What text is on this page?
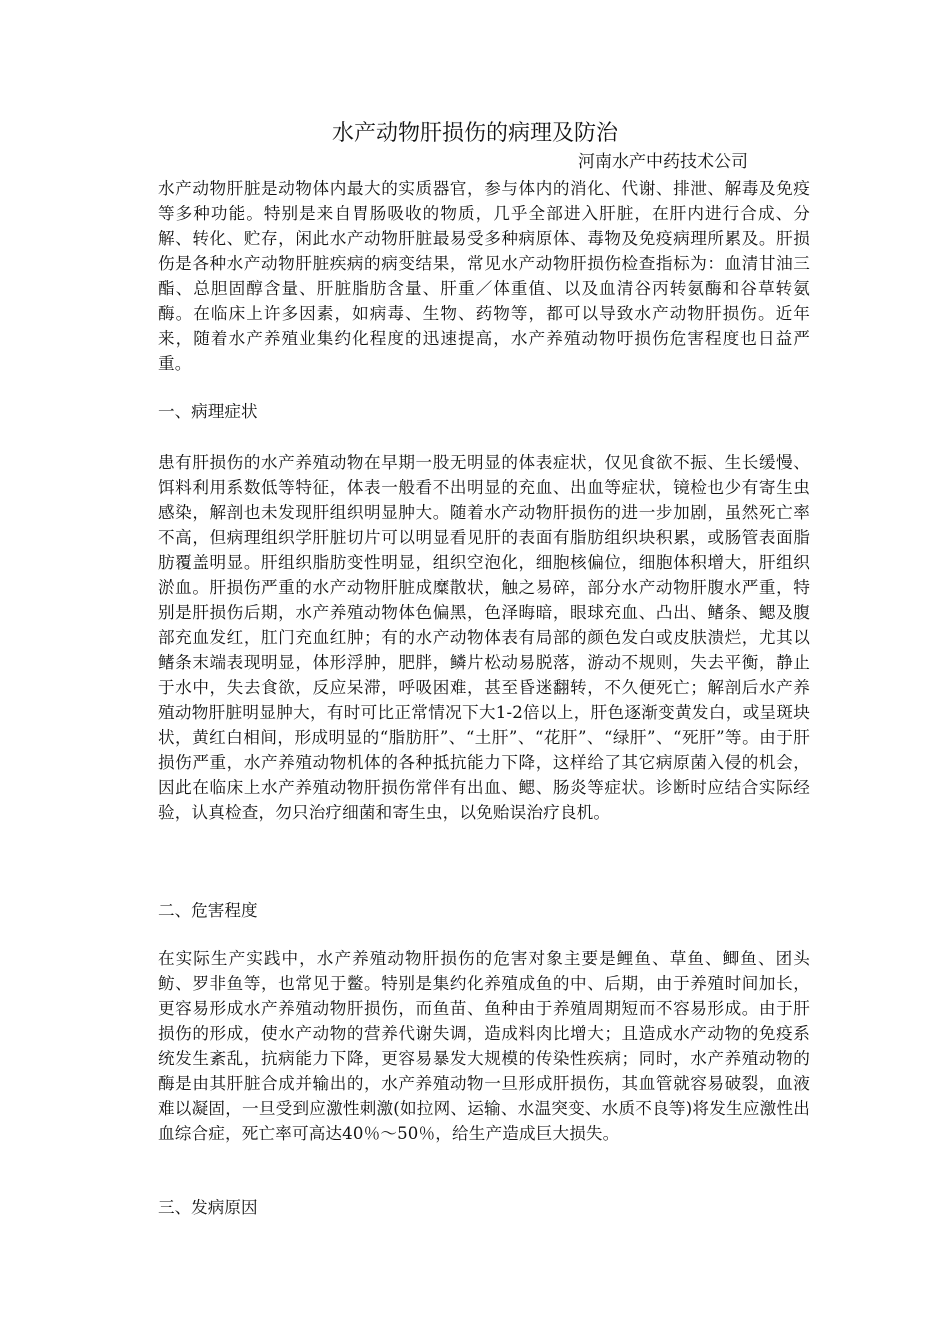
水产动物肝损伤的病理及防治

河南水产中药技术公司

水产动物肝脏是动物体内最大的实质器官，参与体内的消化、代谢、排泄、解毒及免疫等多种功能。特别是来自胃肠吸收的物质，几乎全部进入肝脏，在肝内进行合成、分解、转化、贮存，闲此水产动物肝脏最易受多种病原体、毒物及免疫病理所累及。肝损伤是各种水产动物肝脏疾病的病变结果，常见水产动物肝损伤检查指标为：血清甘油三酯、总胆固醇含量、肝脏脂肪含量、肝重／体重值、以及血清谷丙转氨酶和谷草转氨酶。在临床上许多因素，如病毒、生物、药物等，都可以导致水产动物肝损伤。近年来，随着水产养殖业集约化程度的迅速提高，水产养殖动物吁损伤危害程度也日益严重。

一、病理症状

患有肝损伤的水产养殖动物在早期一股无明显的体表症状，仅见食欲不振、生长缓慢、饵料利用系数低等特征，体表一般看不出明显的充血、出血等症状，镜检也少有寄生虫感染，解剖也未发现肝组织明显肿大。随着水产动物肝损伤的进一步加剧，虽然死亡率不高，但病理组织学肝脏切片可以明显看见肝的表面有脂肪组织块积累，或肠管表面脂肪覆盖明显。肝组织脂肪变性明显，组织空泡化，细胞核偏位，细胞体积增大，肝组织淤血。肝损伤严重的水产动物肝脏成糜散状，触之易碎，部分水产动物肝腹水严重，特别是肝损伤后期，水产养殖动物体色偏黑，色泽晦暗，眼球充血、凸出、鳍条、鳃及腹部充血发红，肛门充血红肿；有的水产动物体表有局部的颜色发白或皮肤溃烂，尤其以鳍条末端表现明显，体形浮肿，肥胖，鳞片松动易脱落，游动不规则，失去平衡，静止于水中，失去食欲，反应呆滞，呼吸困难，甚至昏迷翻转，不久便死亡；解剖后水产养殖动物肝脏明显肿大，有时可比正常情况下大1-2倍以上，肝色逐渐变黄发白，或呈斑块状，黄红白相间，形成明显的“脂肪肝”、“土肝”、“花肝”、“绿肝”、“死肝”等。由于肝损伤严重，水产养殖动物机体的各种抵抗能力下降，这样给了其它病原菌入侵的机会，因此在临床上水产养殖动物肝损伤常伴有出血、鳃、肠炎等症状。诊断时应结合实际经验，认真检查，勿只治疗细菌和寄生虫，以免贻误治疗良机。

二、危害程度

在实际生产实践中，水产养殖动物肝损伤的危害对象主要是鲤鱼、草鱼、鲫鱼、团头鲂、罗非鱼等，也常见于鳖。特别是集约化养殖成鱼的中、后期，由于养殖时间加长，更容易形成水产养殖动物肝损伤，而鱼苗、鱼种由于养殖周期短而不容易形成。由于肝损伤的形成，使水产动物的营养代谢失调，造成料肉比增大；且造成水产动物的免疫系统发生紊乱，抗病能力下降，更容易暴发大规模的传染性疾病；同时，水产养殖动物的酶是由其肝脏合成并输出的，水产养殖动物一旦形成肝损伤，其血管就容易破裂，血液难以凝固，一旦受到应激性刺激(如拉网、运输、水温突变、水质不良等)将发生应激性出血综合症，死亡率可高达40％～50％，给生产造成巨大损失。

三、发病原因
